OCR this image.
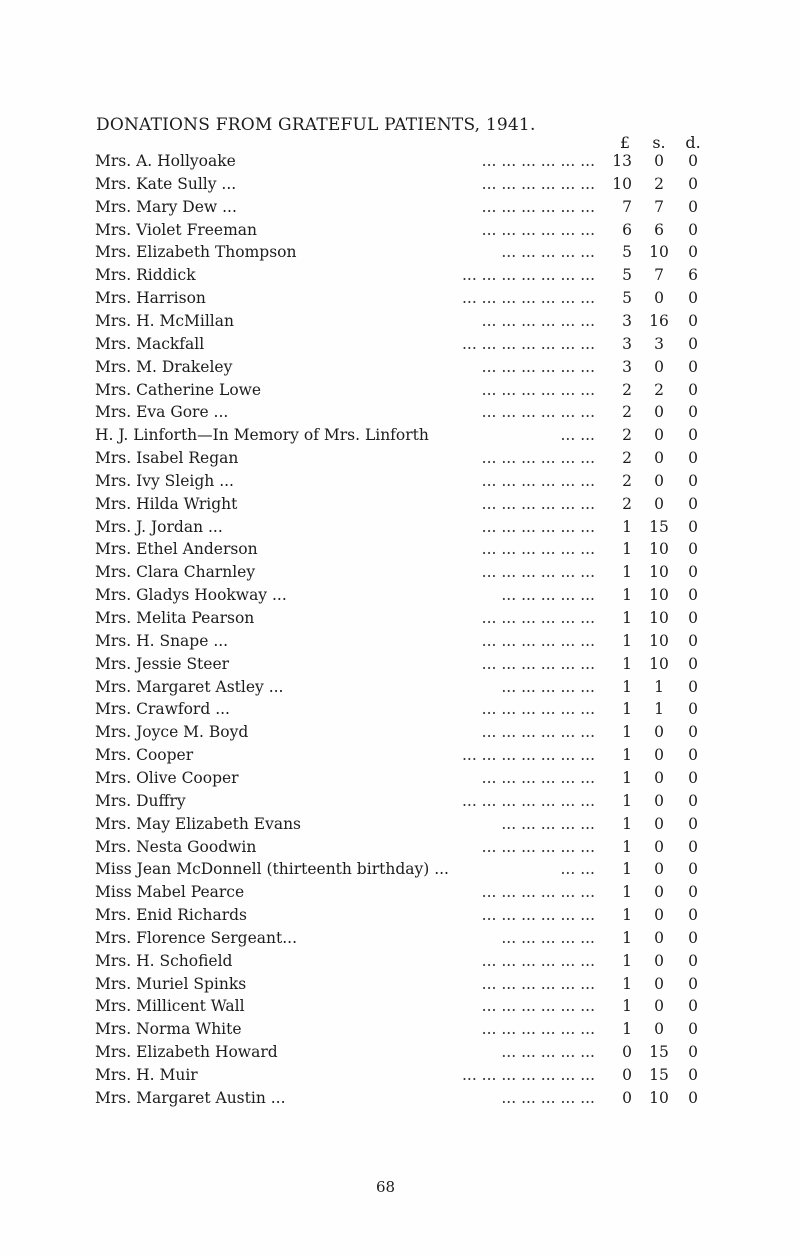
DONATIONS FROM GRATEFUL PATIENTS, 1941.
£	s. d.
Mrs. A. Hollyoake	... ... ... ... ... ...	13	0	0
Mrs. Kate Sully ...	... ... ... ... ... ...	10	2	0
Mrs. Mary Dew ...	... ... ... ... ... ...	7	7	0
Mrs. Violet Freeman	... ... ... ... ... ...	6	6	0
Mrs. Elizabeth Thompson	... ... ... ... ...	5	10	0
Mrs. Riddick	... ... ... ... ... ... ...	5	7	6
Mrs. Harrison	... ... ... ... ... ... ...	5	0	0
Mrs. H. McMillan	... ... ... ... ... ...	3	16	0
Mrs. Mackfall	... ... ... ... ... ... ...	3	3	0
Mrs. M. Drakeley	... ... ... ... ... ...	3	0	0
Mrs. Catherine Lowe	... ... ... ... ... ...	2	2	0
Mrs. Eva Gore ...	... ... ... ... ... ...	2	0	0
H. J. Linforth—In Memory of Mrs. Linforth	... ...	2	0	0
Mrs. Isabel Regan	... ... ... ... ... ...	2	0	0
Mrs. Ivy Sleigh ...	... ... ... ... ... ...	2	0	0
Mrs. Hilda Wright	... ... ... ... ... ...	2	0	0
Mrs. J. Jordan ...	... ... ... ... ... ...	1	15	0
Mrs. Ethel Anderson	... ... ... ... ... ...	1	10	0
Mrs. Clara Charnley	... ... ... ... ... ...	1	10	0
Mrs. Gladys Hookway ...	... ... ... ... ...	1	10	0
Mrs. Melita Pearson	... ... ... ... ... ...	1	10	0
Mrs. H. Snape ...	... ... ... ... ... ...	1	10	0
Mrs. Jessie Steer	... ... ... ... ... ...	1	10	0
Mrs. Margaret Astley ...	... ... ... ... ...	1	1	0
Mrs. Crawford ...	... ... ... ... ... ...	1	1	0
Mrs. Joyce M. Boyd	... ... ... ... ... ...	1	0	0
Mrs. Cooper	... ... ... ... ... ... ...	1	0	0
Mrs. Olive Cooper	... ... ... ... ... ...	1	0	0
Mrs. Duffry	... ... ... ... ... ... ...	1	0	0
Mrs. May Elizabeth Evans	... ... ... ... ...	1	0	0
Mrs. Nesta Goodwin	... ... ... ... ... ...	1	0	0
Miss Jean McDonnell (thirteenth birthday) ...	... ...	1	0	0
Miss Mabel Pearce	... ... ... ... ... ...	1	0	0
Mrs. Enid Richards	... ... ... ... ... ...	1	0	0
Mrs. Florence Sergeant...	... ... ... ... ...	1	0	0
Mrs. H. Schofield	... ... ... ... ... ...	1	0	0
Mrs. Muriel Spinks	... ... ... ... ... ...	1	0	0
Mrs. Millicent Wall	... ... ... ... ... ...	1	0	0
Mrs. Norma White	... ... ... ... ... ...	1	0	0
Mrs. Elizabeth Howard	... ... ... ... ...	0	15	0
Mrs. H. Muir	... ... ... ... ... ... ...	0	15	0
Mrs. Margaret Austin ...	... ... ... ... ...	0	10	0
68
